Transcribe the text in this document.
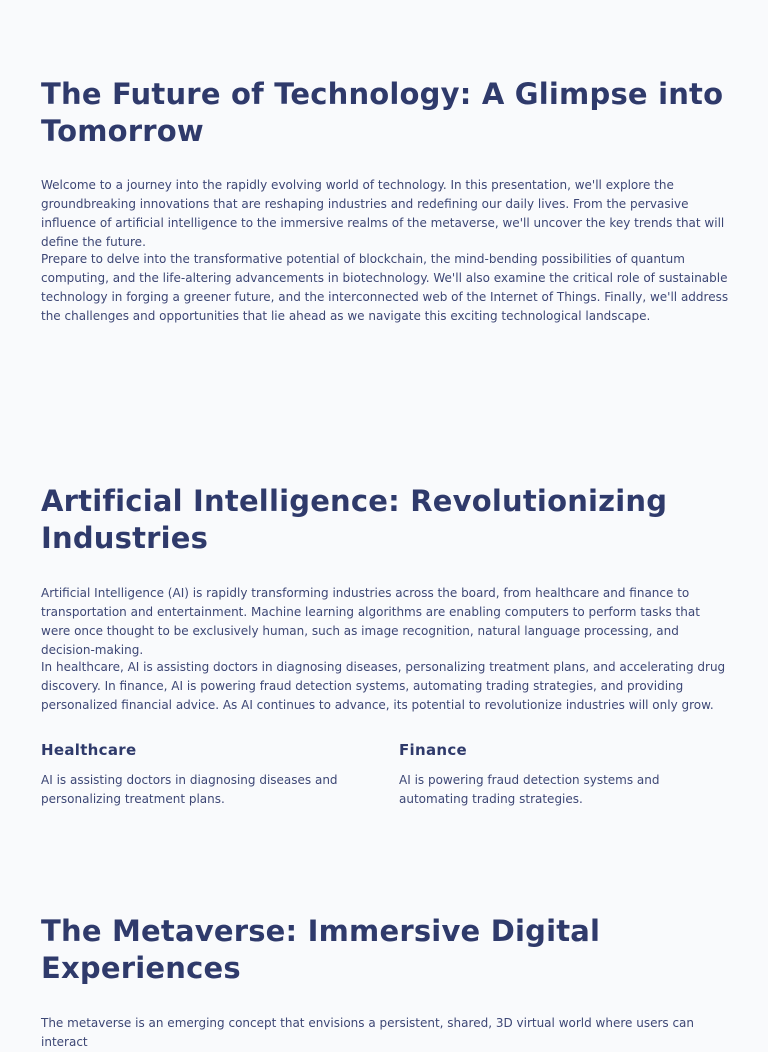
The Future of Technology: A Glimpse into Tomorrow

Welcome to a journey into the rapidly evolving world of technology. In this presentation, we'll explore the groundbreaking innovations that are reshaping industries and redefining our daily lives. From the pervasive influence of artificial intelligence to the immersive realms of the metaverse, we'll uncover the key trends that will define the future.

Prepare to delve into the transformative potential of blockchain, the mind-bending possibilities of quantum computing, and the life-altering advancements in biotechnology. We'll also examine the critical role of sustainable technology in forging a greener future, and the interconnected web of the Internet of Things. Finally, we'll address the challenges and opportunities that lie ahead as we navigate this exciting technological landscape.

Artificial Intelligence: Revolutionizing Industries

Artificial Intelligence (AI) is rapidly transforming industries across the board, from healthcare and finance to transportation and entertainment. Machine learning algorithms are enabling computers to perform tasks that were once thought to be exclusively human, such as image recognition, natural language processing, and decision-making.

In healthcare, AI is assisting doctors in diagnosing diseases, personalizing treatment plans, and accelerating drug discovery. In finance, AI is powering fraud detection systems, automating trading strategies, and providing personalized financial advice. As AI continues to advance, its potential to revolutionize industries will only grow.

Healthcare

AI is assisting doctors in diagnosing diseases and personalizing treatment plans.

Finance

AI is powering fraud detection systems and automating trading strategies.

The Metaverse: Immersive Digital Experiences

The metaverse is an emerging concept that envisions a persistent, shared, 3D virtual world where users can interact
